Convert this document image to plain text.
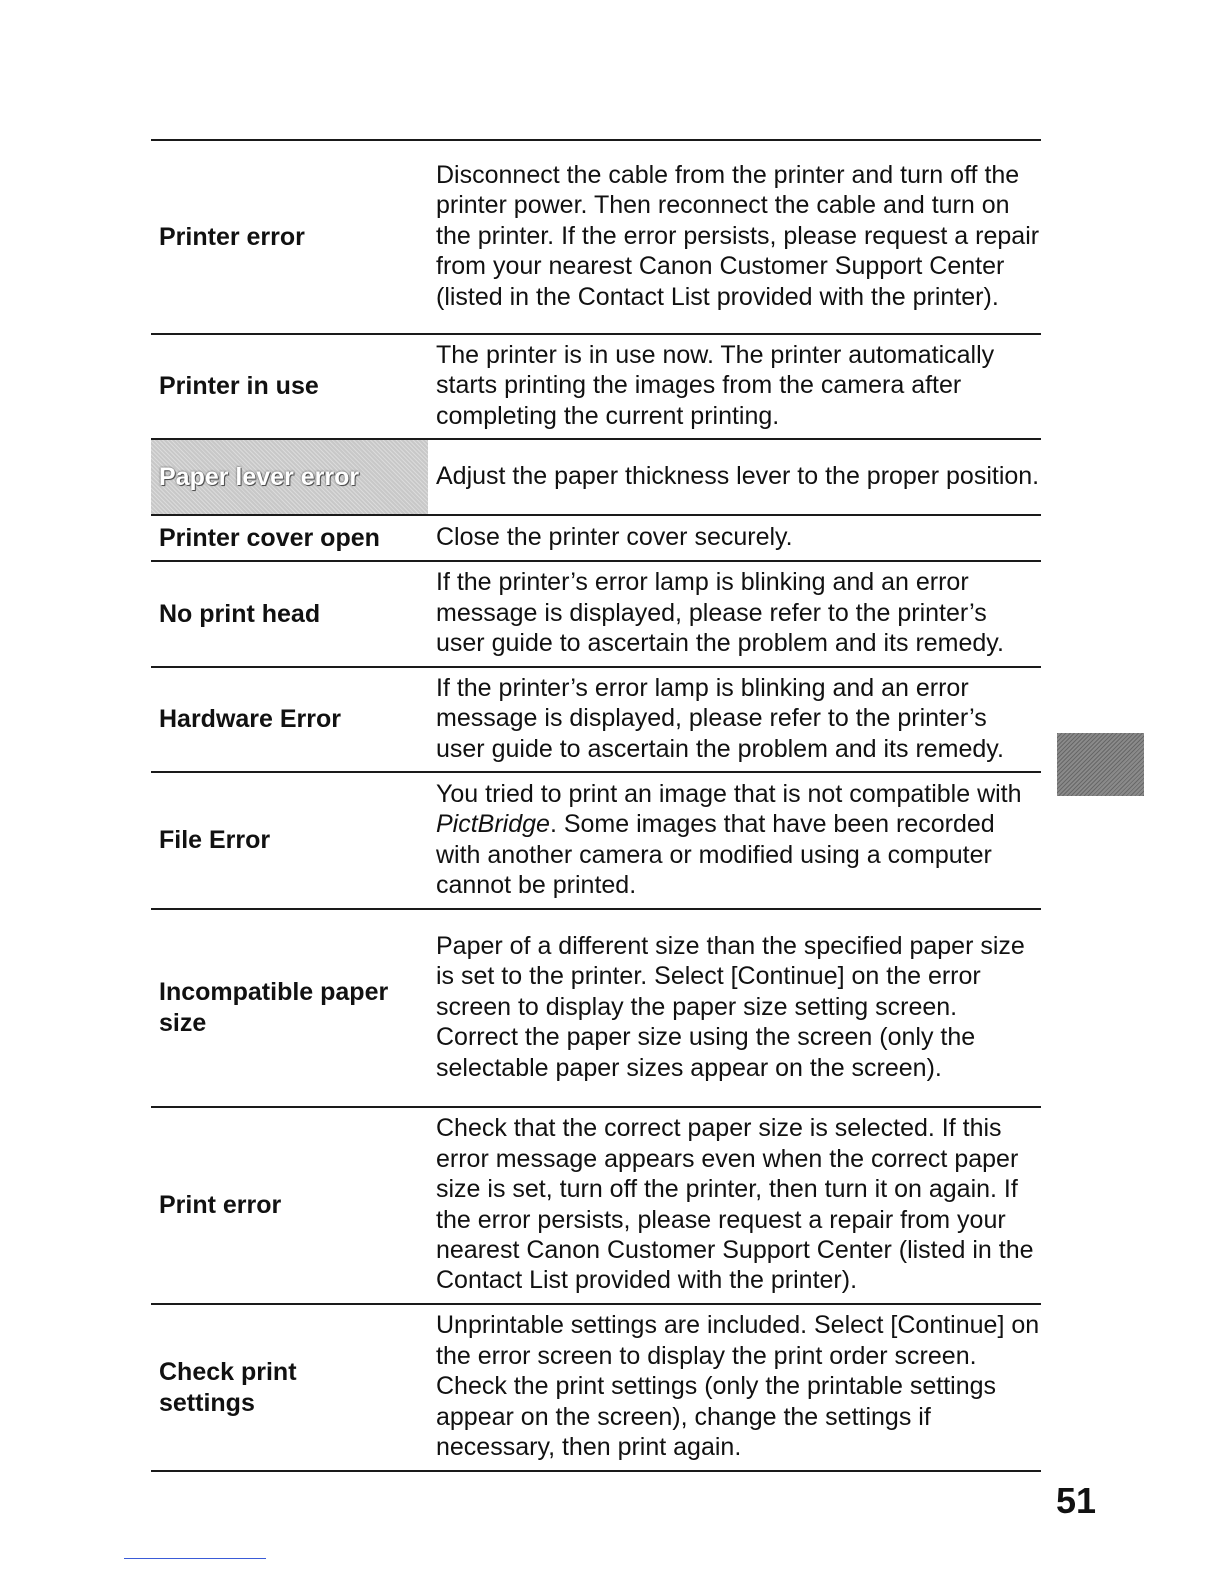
Printer error

Disconnect the cable from the printer and turn off the printer power. Then reconnect the cable and turn on the printer. If the error persists, please request a repair from your nearest Canon Customer Support Center (listed in the Contact List provided with the printer).

Printer in use

The printer is in use now. The printer automatically starts printing the images from the camera after completing the current printing.

Paper lever error	Adjust the paper thickness lever to the proper position.

Printer cover open Close the printer cover securely.

No print head

If the printer’s error lamp is blinking and an error message is displayed, please refer to the printer’s user guide to ascertain the problem and its remedy.

Hardware Error

If the printer’s error lamp is blinking and an error message is displayed, please refer to the printer’s user guide to ascertain the problem and its remedy.

File Error

You tried to print an image that is not compatible with PictBridge. Some images that have been recorded with another camera or modified using a computer cannot be printed.

Incompatible paper size

Paper of a different size than the specified paper size is set to the printer. Select [Continue] on the error screen to display the paper size setting screen. Correct the paper size using the screen (only the selectable paper sizes appear on the screen).

Print error

Check that the correct paper size is selected. If this error message appears even when the correct paper size is set, turn off the printer, then turn it on again. If the error persists, please request a repair from your nearest Canon Customer Support Center (listed in the Contact List provided with the printer).

Check print settings

Unprintable settings are included. Select [Continue] on the error screen to display the print order screen. Check the print settings (only the printable settings appear on the screen), change the settings if necessary, then print again.

51
